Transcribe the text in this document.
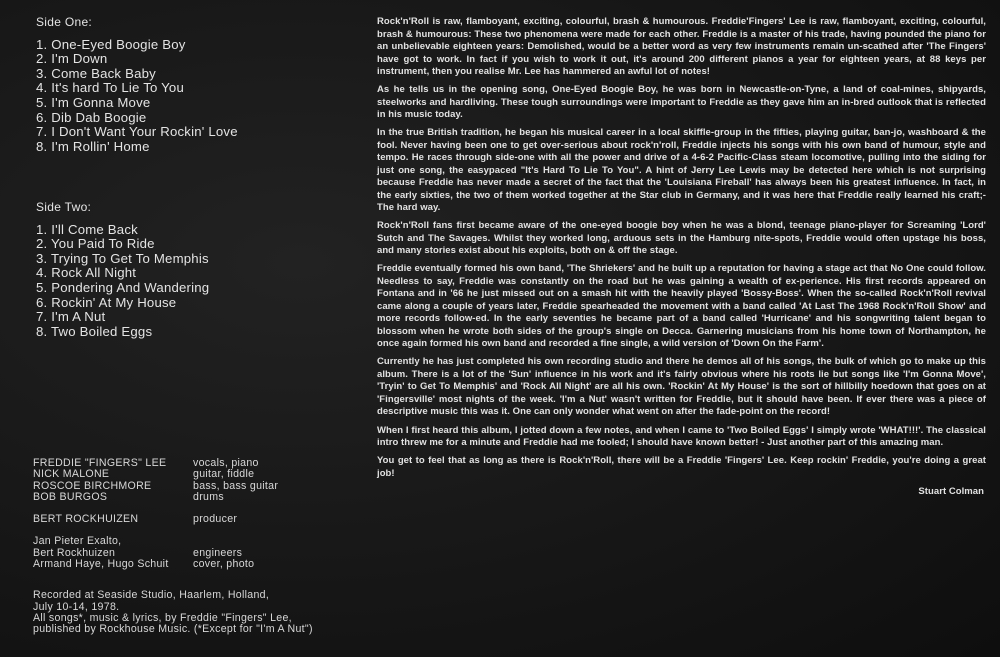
Side One:
1. One-Eyed Boogie Boy
2. I'm Down
3. Come Back Baby
4. It's hard To Lie To You
5. I'm Gonna Move
6. Dib Dab Boogie
7. I Don't Want Your Rockin' Love
8. I'm Rollin' Home
Side Two:
1. I'll Come Back
2. You Paid To Ride
3. Trying To Get To Memphis
4. Rock All Night
5. Pondering And Wandering
6. Rockin' At My House
7. I'm A Nut
8. Two Boiled Eggs
FREDDIE "FINGERS" LEE	vocals, piano
NICK MALONE	guitar, fiddle
ROSCOE BIRCHMORE	bass, bass guitar
BOB BURGOS	drums
BERT ROCKHUIZEN	producer
Jan Pieter Exalto,
Bert Rockhuizen	engineers
Armand Haye, Hugo Schuit	cover, photo
Recorded at Seaside Studio, Haarlem, Holland,
July 10-14, 1978.
All songs*, music & lyrics, by Freddie "Fingers" Lee,
published by Rockhouse Music. (*Except for "I'm A Nut")

Rock'n'Roll is raw, flamboyant, exciting, colourful, brash & humourous. Freddie'Fingers' Lee is raw, flamboyant, exciting, colourful, brash & humourous: These two phenomena were made for each other. Freddie is a master of his trade, having pounded the piano for an unbelievable eighteen years: Demolished, would be a better word as very few instruments remain un-scathed after 'The Fingers' have got to work. In fact if you wish to work it out, it's around 200 different pianos a year for eighteen years, at 88 keys per instrument, then you realise Mr. Lee has hammered an awful lot of notes!

As he tells us in the opening song, One-Eyed Boogie Boy, he was born in Newcastle-on-Tyne, a land of coal-mines, shipyards, steelworks and hardliving. These tough surroundings were important to Freddie as they gave him an in-bred outlook that is reflected in his music today.

In the true British tradition, he began his musical career in a local skiffle-group in the fifties, playing guitar, ban-jo, washboard & the fool. Never having been one to get over-serious about rock'n'roll, Freddie injects his songs with his own band of humour, style and tempo. He races through side-one with all the power and drive of a 4-6-2 Pacific-Class steam locomotive, pulling into the siding for just one song, the easypaced "It's Hard To Lie To You". A hint of Jerry Lee Lewis may be detected here which is not surprising because Freddie has never made a secret of the fact that the 'Louisiana Fireball' has always been his greatest influence. In fact, in the early sixties, the two of them worked together at the Star club in Germany, and it was here that Freddie really learned his craft;- The hard way.

Rock'n'Roll fans first became aware of the one-eyed boogie boy when he was a blond, teenage piano-player for Screaming 'Lord' Sutch and The Savages. Whilst they worked long, arduous sets in the Hamburg nite-spots, Freddie would often upstage his boss, and many stories exist about his exploits, both on & off the stage.

Freddie eventually formed his own band, 'The Shriekers' and he built up a reputation for having a stage act that No One could follow. Needless to say, Freddie was constantly on the road but he was gaining a wealth of ex-perience. His first records appeared on Fontana and in '66 he just missed out on a smash hit with the heavily played 'Bossy-Boss'. When the so-called Rock'n'Roll revival came along a couple of years later, Freddie spearheaded the movement with a band called 'At Last The 1968 Rock'n'Roll Show' and more records follow-ed. In the early seventies he became part of a band called 'Hurricane' and his songwriting talent began to blossom when he wrote both sides of the group's single on Decca. Garnering musicians from his home town of Northampton, he once again formed his own band and recorded a fine single, a wild version of 'Down On the Farm'.

Currently he has just completed his own recording studio and there he demos all of his songs, the bulk of which go to make up this album. There is a lot of the 'Sun' influence in his work and it's fairly obvious where his roots lie but songs like 'I'm Gonna Move', 'Tryin' to Get To Memphis' and 'Rock All Night' are all his own. 'Rockin' At My House' is the sort of hillbilly hoedown that goes on at 'Fingersville' most nights of the week. 'I'm a Nut' wasn't written for Freddie, but it should have been. If ever there was a piece of descriptive music this was it. One can only wonder what went on after the fade-point on the record!

When I first heard this album, I jotted down a few notes, and when I came to 'Two Boiled Eggs' I simply wrote 'WHAT!!!'. The classical intro threw me for a minute and Freddie had me fooled; I should have known better! - Just another part of this amazing man.

You get to feel that as long as there is Rock'n'Roll, there will be a Freddie 'Fingers' Lee. Keep rockin' Freddie, you're doing a great job!

Stuart Colman
